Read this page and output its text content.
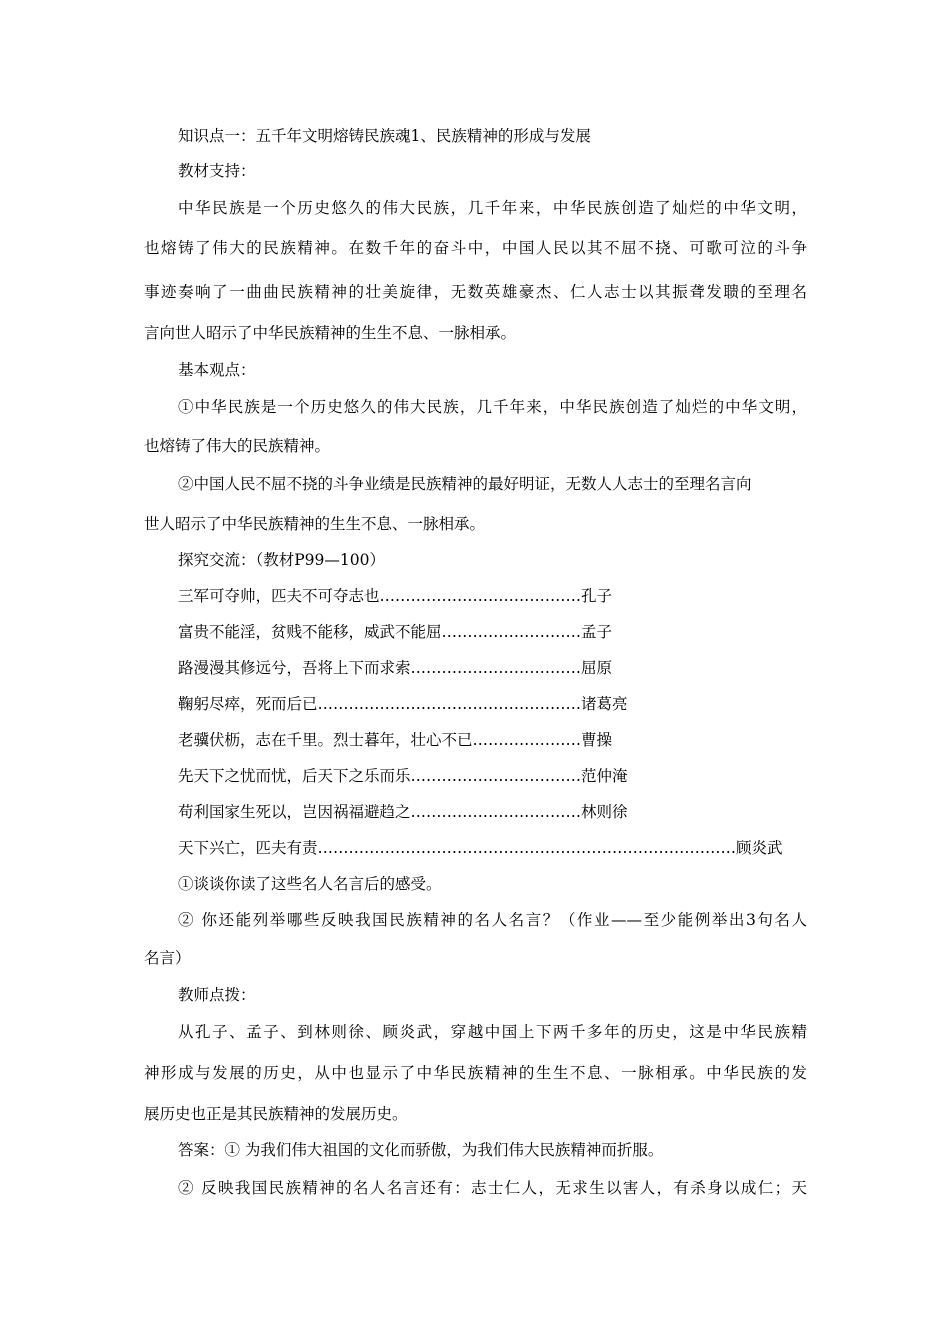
知识点一：五千年文明熔铸民族魂1、民族精神的形成与发展
教材支持：
中华民族是一个历史悠久的伟大民族，几千年来，中华民族创造了灿烂的中华文明，
也熔铸了伟大的民族精神。在数千年的奋斗中，中国人民以其不屈不挠、可歌可泣的斗争
事迹奏响了一曲曲民族精神的壮美旋律，无数英雄豪杰、仁人志士以其振聋发聩的至理名
言向世人昭示了中华民族精神的生生不息、一脉相承。
基本观点：
①中华民族是一个历史悠久的伟大民族，几千年来，中华民族创造了灿烂的中华文明，
也熔铸了伟大的民族精神。
②中国人民不屈不挠的斗争业绩是民族精神的最好明证，无数人人志士的至理名言向
世人昭示了中华民族精神的生生不息、一脉相承。
探究交流：（教材P99—100）
三军可夺帅，匹夫不可夺志也…………………………………孔子
富贵不能淫，贫贱不能移，威武不能屈………………………孟子
路漫漫其修远兮，吾将上下而求索……………………………屈原
鞠躬尽瘁，死而后已……………………………………………诸葛亮
老骥伏枥，志在千里。烈士暮年，壮心不已…………………曹操
先天下之忧而忧，后天下之乐而乐……………………………范仲淹
苟利国家生死以，岂因祸福避趋之……………………………林则徐
天下兴亡，匹夫有责………………………………………………………………………顾炎武
①谈谈你读了这些名人名言后的感受。
② 你还能列举哪些反映我国民族精神的名人名言？（作业——至少能例举出3句名人
名言）
教师点拨：
从孔子、孟子、到林则徐、顾炎武，穿越中国上下两千多年的历史，这是中华民族精
神形成与发展的历史，从中也显示了中华民族精神的生生不息、一脉相承。中华民族的发
展历史也正是其民族精神的发展历史。
答案：① 为我们伟大祖国的文化而骄傲，为我们伟大民族精神而折服。
② 反映我国民族精神的名人名言还有：志士仁人，无求生以害人，有杀身以成仁；天
